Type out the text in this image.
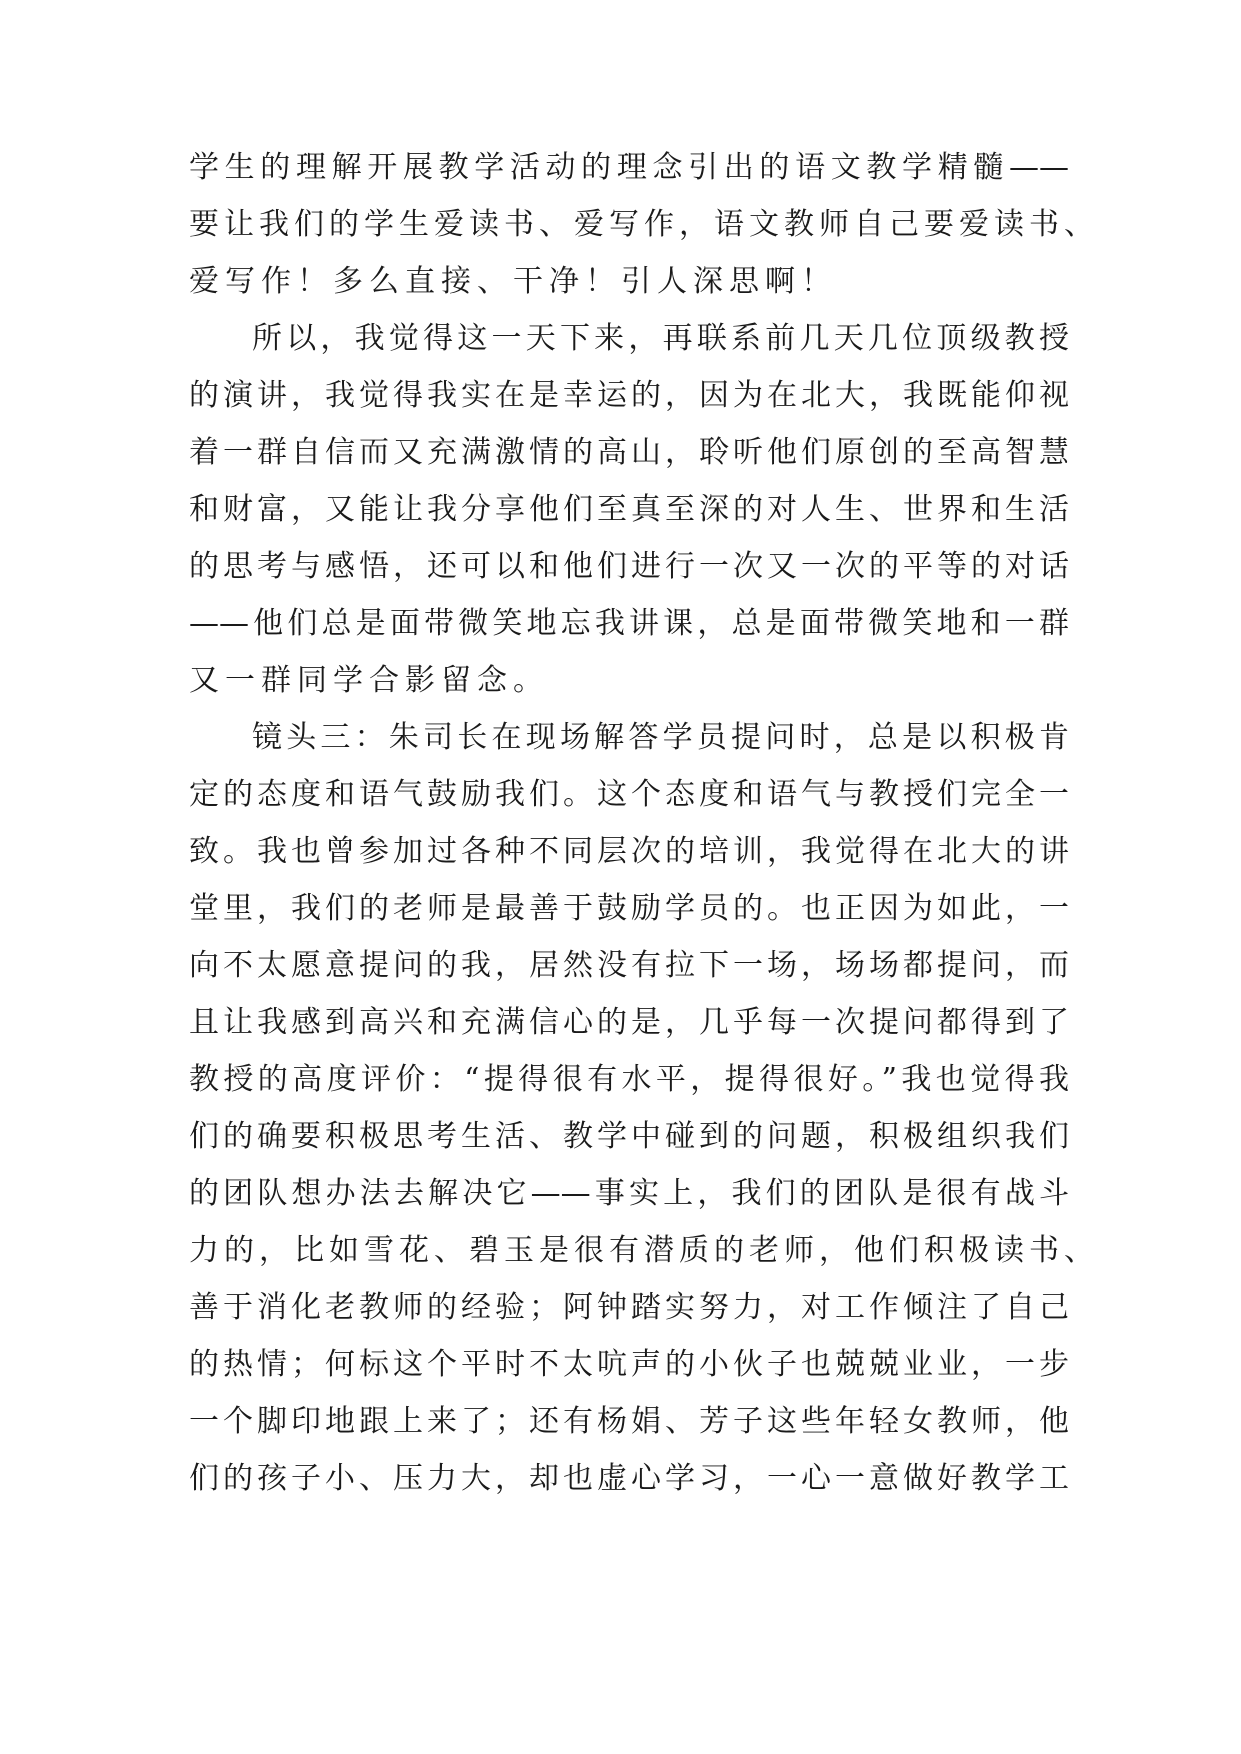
学生的理解开展教学活动的理念引出的语文教学精髓——
要让我们的学生爱读书、爱写作，语文教师自己要爱读书、
爱写作！多么直接、干净！引人深思啊！
所以，我觉得这一天下来，再联系前几天几位顶级教授
的演讲，我觉得我实在是幸运的，因为在北大，我既能仰视
着一群自信而又充满激情的高山，聆听他们原创的至高智慧
和财富，又能让我分享他们至真至深的对人生、世界和生活
的思考与感悟，还可以和他们进行一次又一次的平等的对话
——他们总是面带微笑地忘我讲课，总是面带微笑地和一群
又一群同学合影留念。
镜头三：朱司长在现场解答学员提问时，总是以积极肯
定的态度和语气鼓励我们。这个态度和语气与教授们完全一
致。我也曾参加过各种不同层次的培训，我觉得在北大的讲
堂里，我们的老师是最善于鼓励学员的。也正因为如此，一
向不太愿意提问的我，居然没有拉下一场，场场都提问，而
且让我感到高兴和充满信心的是，几乎每一次提问都得到了
教授的高度评价：“提得很有水平，提得很好。”我也觉得我
们的确要积极思考生活、教学中碰到的问题，积极组织我们
的团队想办法去解决它——事实上，我们的团队是很有战斗
力的，比如雪花、碧玉是很有潜质的老师，他们积极读书、
善于消化老教师的经验；阿钟踏实努力，对工作倾注了自己
的热情；何标这个平时不太吭声的小伙子也兢兢业业，一步
一个脚印地跟上来了；还有杨娟、芳子这些年轻女教师，他
们的孩子小、压力大，却也虚心学习，一心一意做好教学工
